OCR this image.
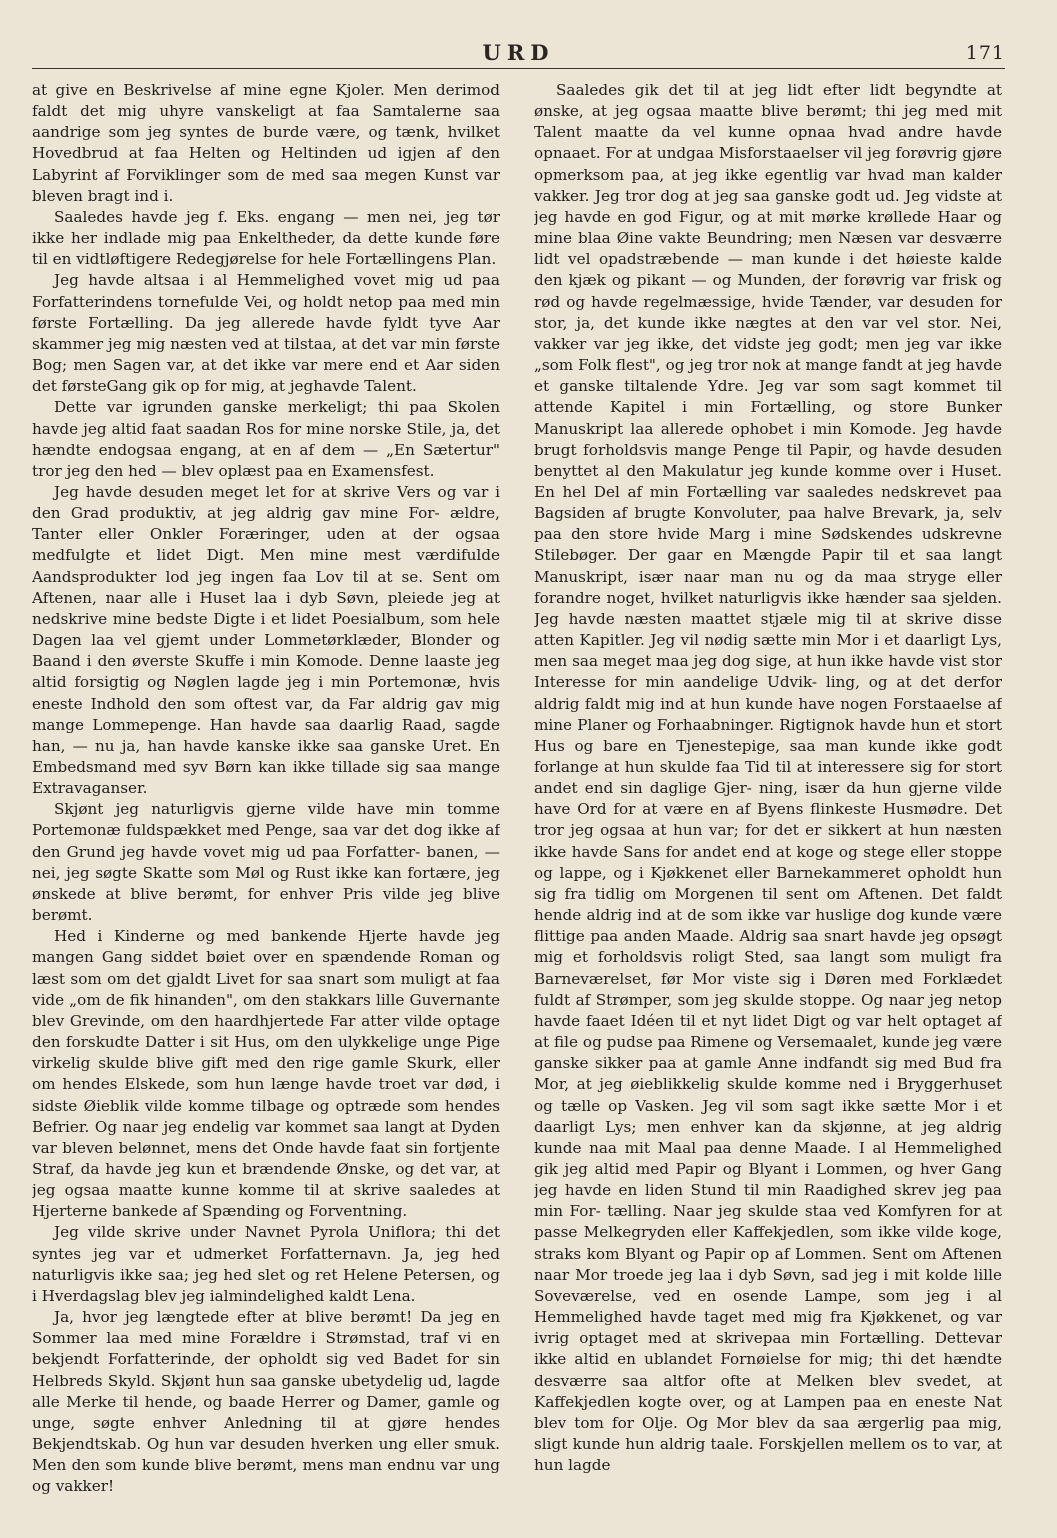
URD	171

at give en Beskrivelse af mine egne Kjoler. Men derimod faldt det mig uhyre vanskeligt at faa Samtalerne saa aandrige som jeg syntes de burde være, og tænk, hvilket Hovedbrud at faa Helten og Heltinden ud igjen af den Labyrint af Forviklinger som de med saa megen Kunst var bleven bragt ind i.

Saaledes havde jeg f. Eks. engang — men nei, jeg tør ikke her indlade mig paa Enkeltheder, da dette kunde føre til en vidtløftigere Redegjørelse for hele Fortællingens Plan.

Jeg havde altsaa i al Hemmelighed vovet mig ud paa Forfatterindens tornefulde Vei, og holdt netop paa med min første Fortælling. Da jeg allerede havde fyldt tyve Aar skammer jeg mig næsten ved at tilstaa, at det var min første Bog; men Sagen var, at det ikke var mere end et Aar siden det førsteGang gik op for mig, at jeghavde Talent.

Dette var igrunden ganske merkeligt; thi paa Skolen havde jeg altid faat saadan Ros for mine norske Stile, ja, det hændte endogsaa engang, at en af dem — „En Sætertur" tror jeg den hed — blev oplæst paa en Examensfest.

Jeg havde desuden meget let for at skrive Vers og var i den Grad produktiv, at jeg aldrig gav mine For- ældre, Tanter eller Onkler Foræringer, uden at der ogsaa medfulgte et lidet Digt. Men mine mest værdifulde Aandsprodukter lod jeg ingen faa Lov til at se. Sent om Aftenen, naar alle i Huset laa i dyb Søvn, pleiede jeg at nedskrive mine bedste Digte i et lidet Poesialbum, som hele Dagen laa vel gjemt under Lommetørklæder, Blonder og Baand i den øverste Skuffe i min Komode. Denne laaste jeg altid forsigtig og Nøglen lagde jeg i min Portemonæ, hvis eneste Indhold den som oftest var, da Far aldrig gav mig mange Lommepenge. Han havde saa daarlig Raad, sagde han, — nu ja, han havde kanske ikke saa ganske Uret. En Embedsmand med syv Børn kan ikke tillade sig saa mange Extravaganser.

Skjønt jeg naturligvis gjerne vilde have min tomme Portemonæ fuldspækket med Penge, saa var det dog ikke af den Grund jeg havde vovet mig ud paa Forfatter- banen, — nei, jeg søgte Skatte som Møl og Rust ikke kan fortære, jeg ønskede at blive berømt, for enhver Pris vilde jeg blive berømt.

Hed i Kinderne og med bankende Hjerte havde jeg mangen Gang siddet bøiet over en spændende Roman og læst som om det gjaldt Livet for saa snart som muligt at faa vide „om de fik hinanden", om den stakkars lille Guvernante blev Grevinde, om den haardhjertede Far atter vilde optage den forskudte Datter i sit Hus, om den ulykkelige unge Pige virkelig skulde blive gift med den rige gamle Skurk, eller om hendes Elskede, som hun længe havde troet var død, i sidste Øieblik vilde komme tilbage og optræde som hendes Befrier. Og naar jeg endelig var kommet saa langt at Dyden var bleven belønnet, mens det Onde havde faat sin fortjente Straf, da havde jeg kun et brændende Ønske, og det var, at jeg ogsaa maatte kunne komme til at skrive saaledes at Hjerterne bankede af Spænding og Forventning.

Jeg vilde skrive under Navnet Pyrola Uniflora; thi det syntes jeg var et udmerket Forfatternavn. Ja, jeg hed naturligvis ikke saa; jeg hed slet og ret Helene Petersen, og i Hverdagslag blev jeg ialmindelighed kaldt Lena.

Ja, hvor jeg længtede efter at blive berømt! Da jeg en Sommer laa med mine Forældre i Strømstad, traf vi en bekjendt Forfatterinde, der opholdt sig ved Badet for sin Helbreds Skyld. Skjønt hun saa ganske ubetydelig ud, lagde alle Merke til hende, og baade Herrer og Damer, gamle og unge, søgte enhver Anledning til at gjøre hendes Bekjendtskab. Og hun var desuden hverken ung eller smuk. Men den som kunde blive berømt, mens man endnu var ung og vakker!

Saaledes gik det til at jeg lidt efter lidt begyndte at ønske, at jeg ogsaa maatte blive berømt; thi jeg med mit Talent maatte da vel kunne opnaa hvad andre havde opnaaet. For at undgaa Misforstaaelser vil jeg forøvrig gjøre opmerksom paa, at jeg ikke egentlig var hvad man kalder vakker. Jeg tror dog at jeg saa ganske godt ud. Jeg vidste at jeg havde en god Figur, og at mit mørke krøllede Haar og mine blaa Øine vakte Beundring; men Næsen var desværre lidt vel opadstræbende — man kunde i det høieste kalde den kjæk og pikant — og Munden, der forøvrig var frisk og rød og havde regelmæssige, hvide Tænder, var desuden for stor, ja, det kunde ikke nægtes at den var vel stor. Nei, vakker var jeg ikke, det vidste jeg godt; men jeg var ikke „som Folk flest", og jeg tror nok at mange fandt at jeg havde et ganske tiltalende Ydre. Jeg var som sagt kommet til attende Kapitel i min Fortælling, og store Bunker Manuskript laa allerede ophobet i min Komode. Jeg havde brugt forholdsvis mange Penge til Papir, og havde desuden benyttet al den Makulatur jeg kunde komme over i Huset. En hel Del af min Fortælling var saaledes nedskrevet paa Bagsiden af brugte Konvoluter, paa halve Brevark, ja, selv paa den store hvide Marg i mine Sødskendes udskrevne Stilebøger. Der gaar en Mængde Papir til et saa langt Manuskript, især naar man nu og da maa stryge eller forandre noget, hvilket naturligvis ikke hænder saa sjelden. Jeg havde næsten maattet stjæle mig til at skrive disse atten Kapitler. Jeg vil nødig sætte min Mor i et daarligt Lys, men saa meget maa jeg dog sige, at hun ikke havde vist stor Interesse for min aandelige Udvik- ling, og at det derfor aldrig faldt mig ind at hun kunde have nogen Forstaaelse af mine Planer og Forhaabninger. Rigtignok havde hun et stort Hus og bare en Tjenestepige, saa man kunde ikke godt forlange at hun skulde faa Tid til at interessere sig for stort andet end sin daglige Gjer- ning, især da hun gjerne vilde have Ord for at være en af Byens flinkeste Husmødre. Det tror jeg ogsaa at hun var; for det er sikkert at hun næsten ikke havde Sans for andet end at koge og stege eller stoppe og lappe, og i Kjøkkenet eller Barnekammeret opholdt hun sig fra tidlig om Morgenen til sent om Aftenen. Det faldt hende aldrig ind at de som ikke var huslige dog kunde være flittige paa anden Maade. Aldrig saa snart havde jeg opsøgt mig et forholdsvis roligt Sted, saa langt som muligt fra Barneværelset, før Mor viste sig i Døren med Forklædet fuldt af Strømper, som jeg skulde stoppe. Og naar jeg netop havde faaet Idéen til et nyt lidet Digt og var helt optaget af at file og pudse paa Rimene og Versemaalet, kunde jeg være ganske sikker paa at gamle Anne indfandt sig med Bud fra Mor, at jeg øieblikkelig skulde komme ned i Bryggerhuset og tælle op Vasken. Jeg vil som sagt ikke sætte Mor i et daarligt Lys; men enhver kan da skjønne, at jeg aldrig kunde naa mit Maal paa denne Maade. I al Hemmelighed gik jeg altid med Papir og Blyant i Lommen, og hver Gang jeg havde en liden Stund til min Raadighed skrev jeg paa min For- tælling. Naar jeg skulde staa ved Komfyren for at passe Melkegryden eller Kaffekjedlen, som ikke vilde koge, straks kom Blyant og Papir op af Lommen. Sent om Aftenen naar Mor troede jeg laa i dyb Søvn, sad jeg i mit kolde lille Soveværelse, ved en osende Lampe, som jeg i al Hemmelighed havde taget med mig fra Kjøkkenet, og var ivrig optaget med at skrivepaa min Fortælling. Dettevar ikke altid en ublandet Fornøielse for mig; thi det hændte desværre saa altfor ofte at Melken blev svedet, at Kaffekjedlen kogte over, og at Lampen paa en eneste Nat blev tom for Olje. Og Mor blev da saa ærgerlig paa mig, sligt kunde hun aldrig taale. Forskjellen mellem os to var, at hun lagde
